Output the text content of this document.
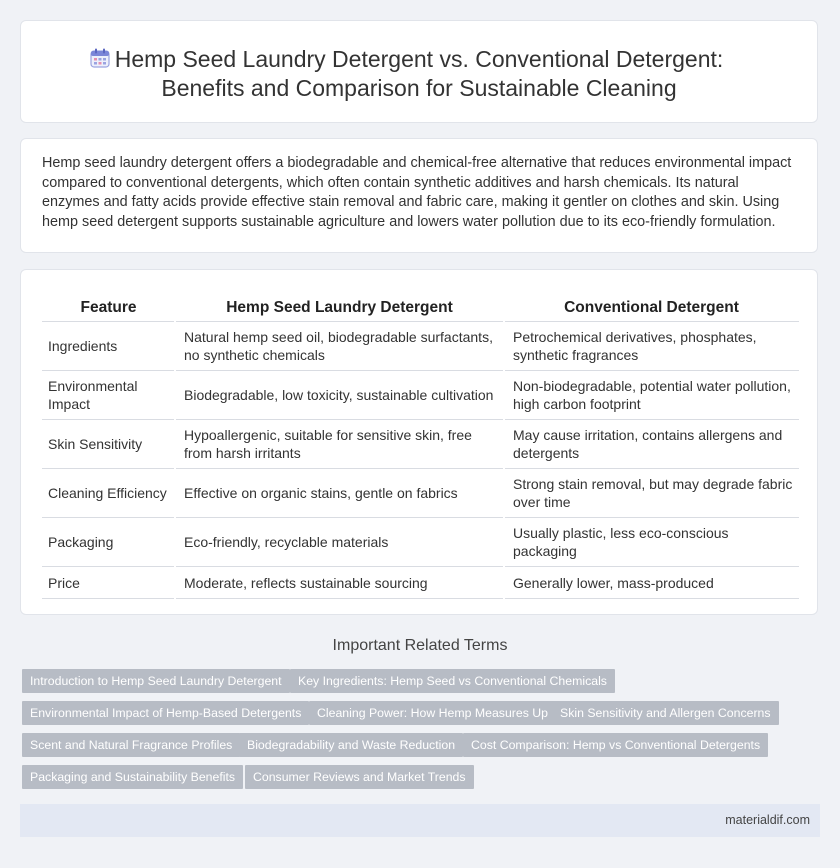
Hemp Seed Laundry Detergent vs. Conventional Detergent:
Benefits and Comparison for Sustainable Cleaning

Hemp seed laundry detergent offers a biodegradable and chemical-free alternative that reduces environmental impact compared to conventional detergents, which often contain synthetic additives and harsh chemicals. Its natural enzymes and fatty acids provide effective stain removal and fabric care, making it gentler on clothes and skin. Using hemp seed detergent supports sustainable agriculture and lowers water pollution due to its eco-friendly formulation.

Feature	Hemp Seed Laundry Detergent	Conventional Detergent
Ingredients	Natural hemp seed oil, biodegradable surfactants, no synthetic chemicals	Petrochemical derivatives, phosphates, synthetic fragrances
Environmental Impact	Biodegradable, low toxicity, sustainable cultivation	Non-biodegradable, potential water pollution, high carbon footprint
Skin Sensitivity	Hypoallergenic, suitable for sensitive skin, free from harsh irritants	May cause irritation, contains allergens and detergents
Cleaning Efficiency	Effective on organic stains, gentle on fabrics	Strong stain removal, but may degrade fabric over time
Packaging	Eco-friendly, recyclable materials	Usually plastic, less eco-conscious packaging
Price	Moderate, reflects sustainable sourcing	Generally lower, mass-produced
Important Related Terms
Introduction to Hemp Seed Laundry Detergent	Key Ingredients: Hemp Seed vs Conventional Chemicals
Environmental Impact of Hemp-Based Detergents	Cleaning Power: How Hemp Measures Up Skin Sensitivity and Allergen Concerns
Scent and Natural Fragrance Profiles	Biodegradability and Waste Reduction	Cost Comparison: Hemp vs Conventional Detergents
Packaging and Sustainability Benefits	Consumer Reviews and Market Trends
materialdif.com
